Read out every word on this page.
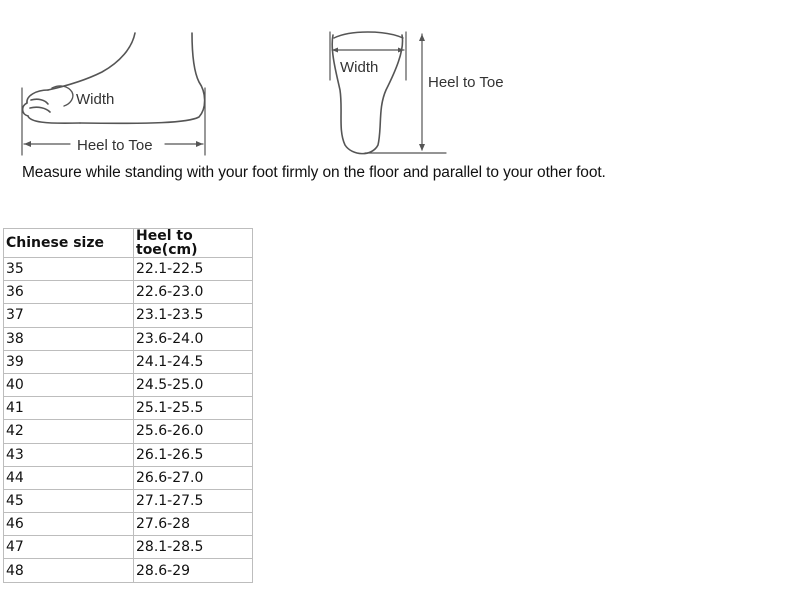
Width
Heel to Toe
Width
Heel to Toe
Measure while standing with your foot firmly on the floor and parallel to your other foot.
Chinese size	Heel to toe(cm)
35	22.1-22.5
36	22.6-23.0
37	23.1-23.5
38	23.6-24.0
39	24.1-24.5
40	24.5-25.0
41	25.1-25.5
42	25.6-26.0
43	26.1-26.5
44	26.6-27.0
45	27.1-27.5
46	27.6-28
47	28.1-28.5
48	28.6-29
